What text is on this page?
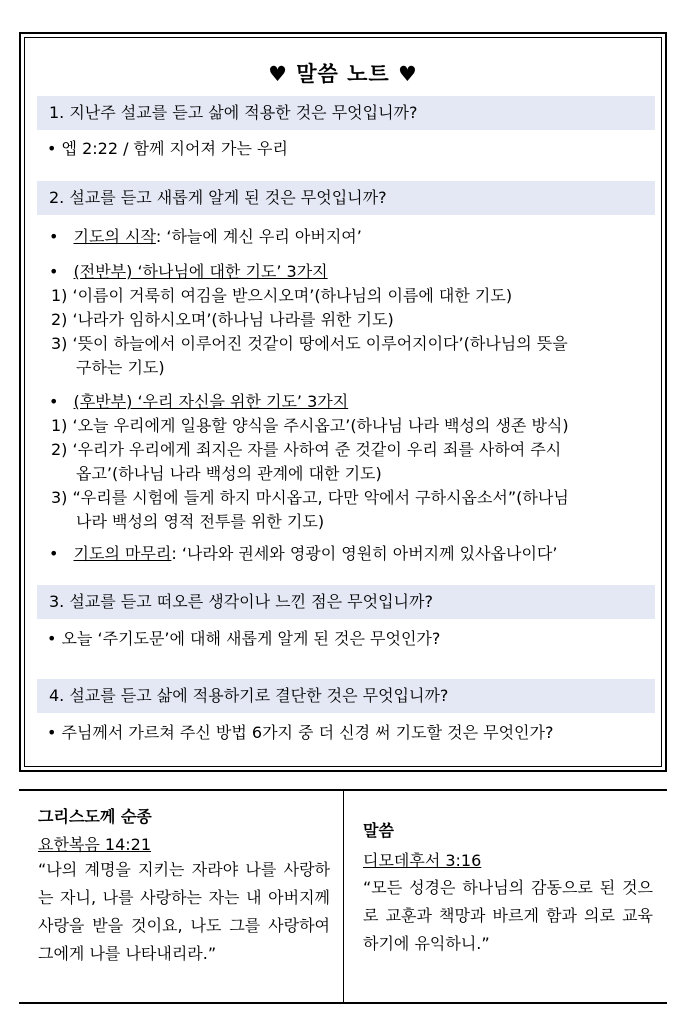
♥ 말씀 노트 ♥
1. 지난주 설교를 듣고 삶에 적용한 것은 무엇입니까?
• 엡 2:22 / 함께 지어져 가는 우리
2. 설교를 듣고 새롭게 알게 된 것은 무엇입니까?
• 기도의 시작: ‘하늘에 계신 우리 아버지여’
• (전반부) ‘하나님에 대한 기도’ 3가지
1) ‘이름이 거룩히 여김을 받으시오며’(하나님의 이름에 대한 기도)
2) ‘나라가 임하시오며’(하나님 나라를 위한 기도)
3) ‘뜻이 하늘에서 이루어진 것같이 땅에서도 이루어지이다’(하나님의 뜻을
구하는 기도)
• (후반부) ‘우리 자신을 위한 기도’ 3가지
1) ‘오늘 우리에게 일용할 양식을 주시옵고’(하나님 나라 백성의 생존 방식)
2) ‘우리가 우리에게 죄지은 자를 사하여 준 것같이 우리 죄를 사하여 주시
옵고’(하나님 나라 백성의 관계에 대한 기도)
3) “우리를 시험에 들게 하지 마시옵고, 다만 악에서 구하시옵소서”(하나님
나라 백성의 영적 전투를 위한 기도)
• 기도의 마무리: ‘나라와 권세와 영광이 영원히 아버지께 있사옵나이다’
3. 설교를 듣고 떠오른 생각이나 느낀 점은 무엇입니까?
• 오늘 ‘주기도문’에 대해 새롭게 알게 된 것은 무엇인가?
4. 설교를 듣고 삶에 적용하기로 결단한 것은 무엇입니까?
• 주님께서 가르쳐 주신 방법 6가지 중 더 신경 써 기도할 것은 무엇인가?
그리스도께 순종
요한복음 14:21
“나의 계명을 지키는 자라야 나를 사랑하는 자니, 나를 사랑하는 자는 내 아버지께 사랑을 받을 것이요, 나도 그를 사랑하여 그에게 나를 나타내리라.”
말씀
디모데후서 3:16
“모든 성경은 하나님의 감동으로 된 것으로 교훈과 책망과 바르게 함과 의로 교육하기에 유익하니.”
